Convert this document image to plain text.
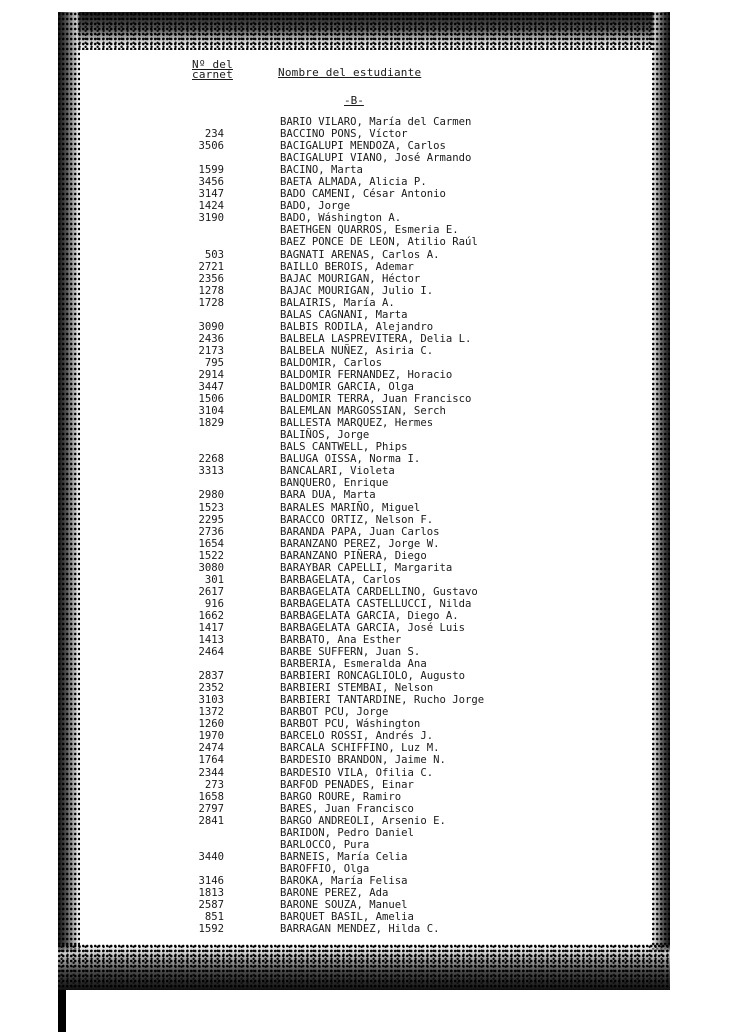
Nº del carnet	Nombre del estudiante
-B-
BARIO VILARO, María del Carmen
234	BACCINO PONS, Víctor
3506	BACIGALUPI MENDOZA, Carlos
BACIGALUPI VIANO, José Armando
1599	BACINO, Marta
3456	BAETA ALMADA, Alicia P.
3147	BADO CAMENI, César Antonio
1424	BADO, Jorge
3190	BADO, Wáshington A.
BAETHGEN QUARROS, Esmeria E.
BAEZ PONCE DE LEON, Atilio Raúl
503	BAGNATI ARENAS, Carlos A.
2721	BAILLO BEROIS, Ademar
2356	BAJAC MOURIGAN, Héctor
1278	BAJAC MOURIGAN, Julio I.
1728	BALAIRIS, María A.
BALAS CAGNANI, Marta
3090	BALBIS RODILA, Alejandro
2436	BALBELA LASPREVITERA, Delia L.
2173	BALBELA NUÑEZ, Asiria C.
795	BALDOMIR, Carlos
2914	BALDOMIR FERNANDEZ, Horacio
3447	BALDOMIR GARCIA, Olga
1506	BALDOMIR TERRA, Juan Francisco
3104	BALEMLAN MARGOSSIAN, Serch
1829	BALLESTA MARQUEZ, Hermes
BALIÑOS, Jorge
BALS CANTWELL, Phips
2268	BALUGA OISSA, Norma I.
3313	BANCALARI, Violeta
BANQUERO, Enrique
2980	BARA DUA, Marta
1523	BARALES MARIÑO, Miguel
2295	BARACCO ORTIZ, Nelson F.
2736	BARANDA PAPA, Juan Carlos
1654	BARANZANO PEREZ, Jorge W.
1522	BARANZANO PIÑERA, Diego
3080	BARAYBAR CAPELLI, Margarita
301	BARBAGELATA, Carlos
2617	BARBAGELATA CARDELLINO, Gustavo
916	BARBAGELATA CASTELLUCCI, Nilda
1662	BARBAGELATA GARCIA, Diego A.
1417	BARBAGELATA GARCIA, José Luis
1413	BARBATO, Ana Esther
2464	BARBE SUFFERN, Juan S.
BARBERIA, Esmeralda Ana
2837	BARBIERI RONCAGLIOLO, Augusto
2352	BARBIERI STEMBAI, Nelson
3103	BARBIERI TANTARDINE, Rucho Jorge
1372	BARBOT PCU, Jorge
1260	BARBOT PCU, Wáshington
1970	BARCELO ROSSI, Andrés J.
2474	BARCALA SCHIFFINO, Luz M.
1764	BARDESIO BRANDON, Jaime N.
2344	BARDESIO VILA, Ofilia C.
273	BARFOD PENADES, Einar
1658	BARGO ROURE, Ramiro
2797	BARES, Juan Francisco
2841	BARGO ANDREOLI, Arsenio E.
BARIDON, Pedro Daniel
BARLOCCO, Pura
3440	BARNEIS, María Celia
BAROFFIO, Olga
3146	BAROKA, María Felisa
1813	BARONE PEREZ, Ada
2587	BARONE SOUZA, Manuel
851	BARQUET BASIL, Amelia
1592	BARRAGAN MENDEZ, Hilda C.
